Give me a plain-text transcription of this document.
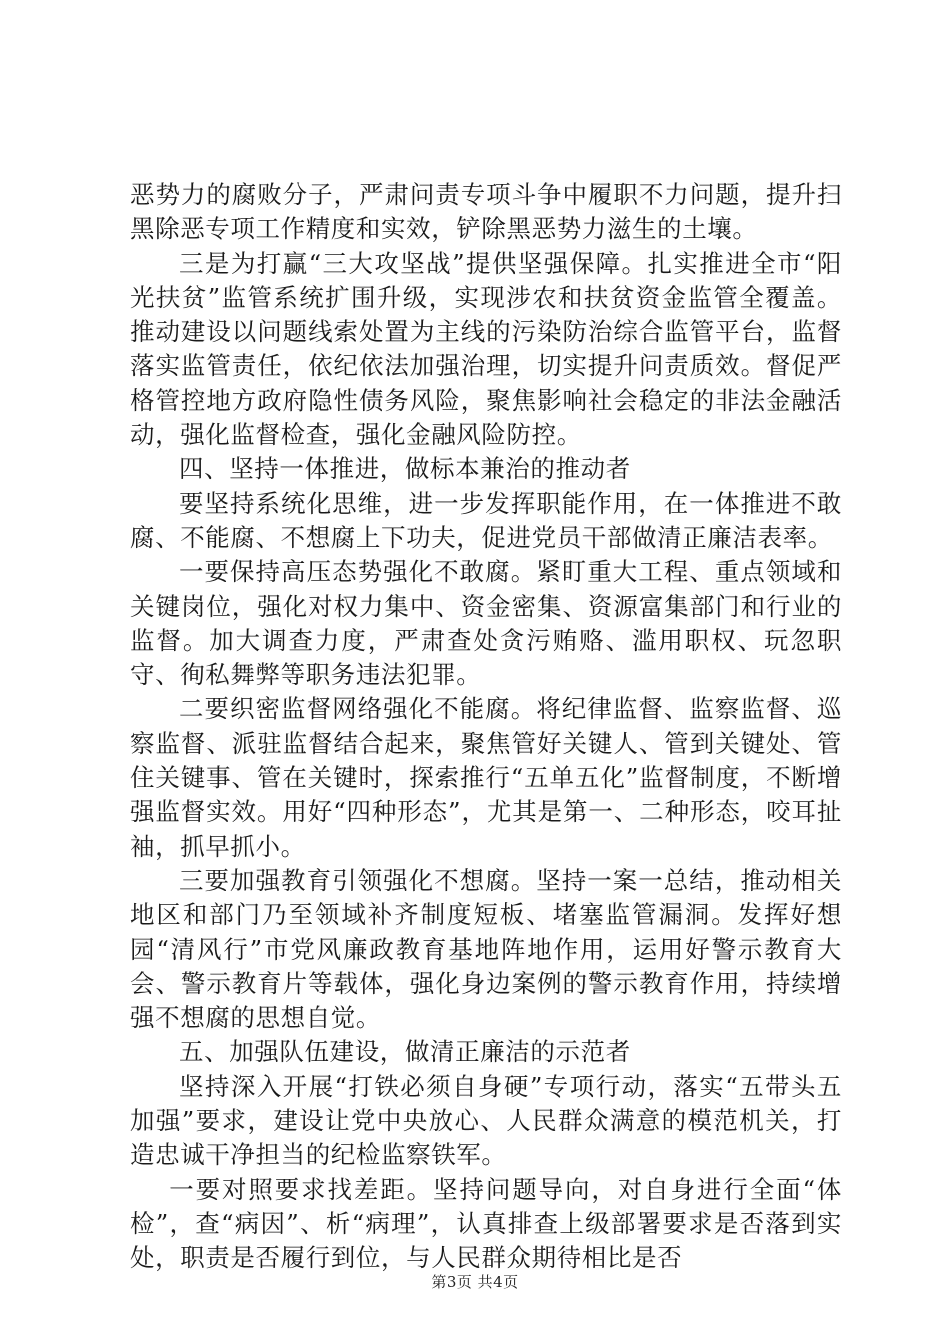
恶势力的腐败分子，严肃问责专项斗争中履职不力问题，提升扫黑除恶专项工作精度和实效，铲除黑恶势力滋生的土壤。

三是为打赢“三大攻坚战”提供坚强保障。扎实推进全市“阳光扶贫”监管系统扩围升级，实现涉农和扶贫资金监管全覆盖。推动建设以问题线索处置为主线的污染防治综合监管平台，监督落实监管责任，依纪依法加强治理，切实提升问责质效。督促严格管控地方政府隐性债务风险，聚焦影响社会稳定的非法金融活动，强化监督检查，强化金融风险防控。

四、坚持一体推进，做标本兼治的推动者

要坚持系统化思维，进一步发挥职能作用，在一体推进不敢腐、不能腐、不想腐上下功夫，促进党员干部做清正廉洁表率。

一要保持高压态势强化不敢腐。紧盯重大工程、重点领域和关键岗位，强化对权力集中、资金密集、资源富集部门和行业的监督。加大调查力度，严肃查处贪污贿赂、滥用职权、玩忽职守、徇私舞弊等职务违法犯罪。

二要织密监督网络强化不能腐。将纪律监督、监察监督、巡察监督、派驻监督结合起来，聚焦管好关键人、管到关键处、管住关键事、管在关键时，探索推行“五单五化”监督制度，不断增强监督实效。用好“四种形态”，尤其是第一、二种形态，咬耳扯袖，抓早抓小。

三要加强教育引领强化不想腐。坚持一案一总结，推动相关地区和部门乃至领域补齐制度短板、堵塞监管漏洞。发挥好想园“清风行”市党风廉政教育基地阵地作用，运用好警示教育大会、警示教育片等载体，强化身边案例的警示教育作用，持续增强不想腐的思想自觉。

五、加强队伍建设，做清正廉洁的示范者

坚持深入开展“打铁必须自身硬”专项行动，落实“五带头五加强”要求，建设让党中央放心、人民群众满意的模范机关，打造忠诚干净担当的纪检监察铁军。

一要对照要求找差距。坚持问题导向，对自身进行全面“体检”，查“病因”、析“病理”，认真排查上级部署要求是否落到实处，职责是否履行到位，与人民群众期待相比是否

第3页 共4页
